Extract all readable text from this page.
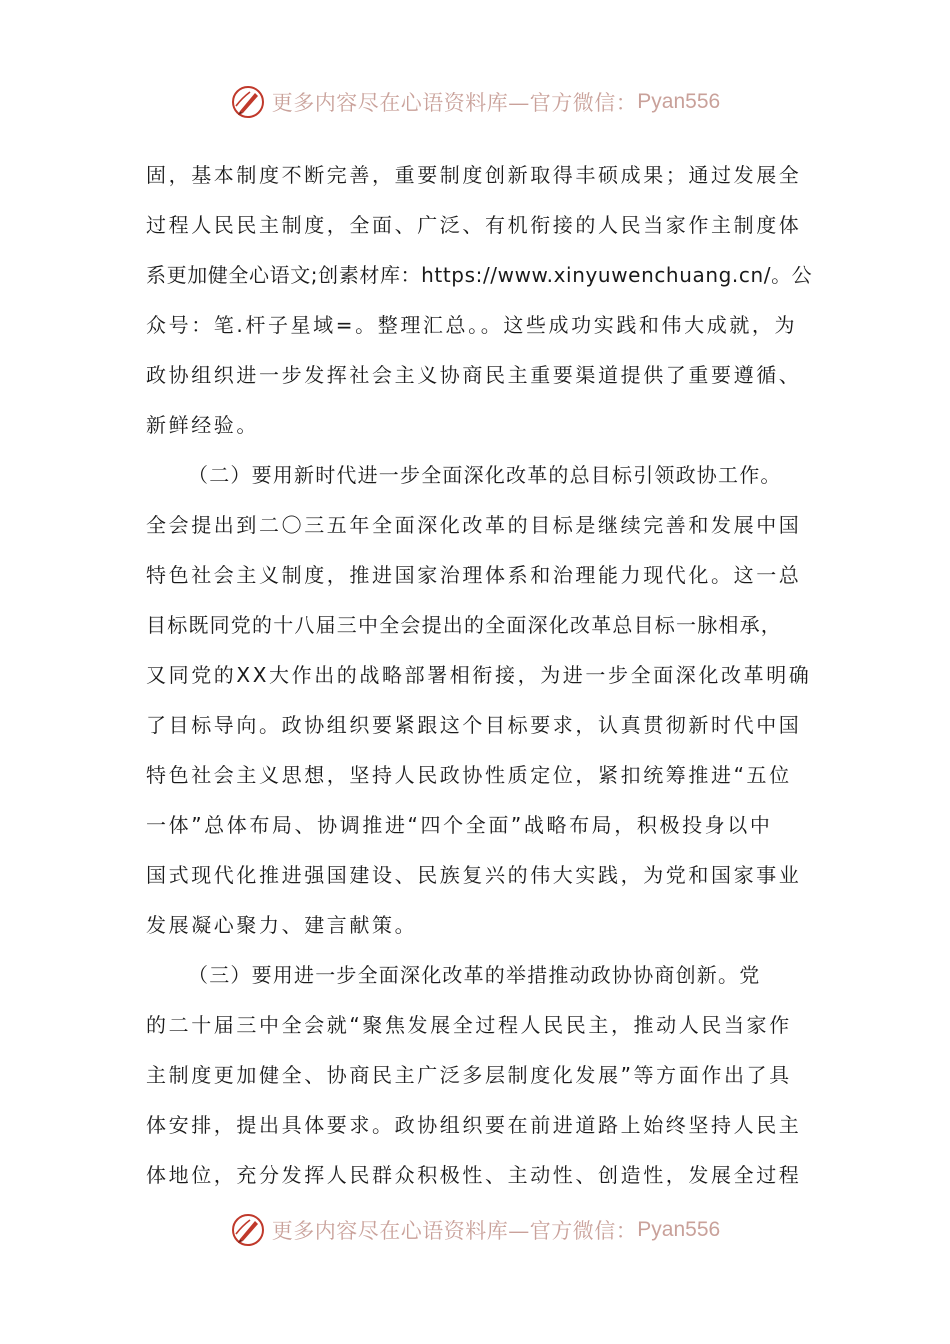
更多内容尽在心语资料库—官方微信： Pyan556
固，基本制度不断完善，重要制度创新取得丰硕成果；通过发展全
过程人民民主制度，全面、广泛、有机衔接的人民当家作主制度体
系更加健全心语文;创素材库：https://www.xinyuwenchuang.cn/。公
众号：笔.杆子星域=。整理汇总。。这些成功实践和伟大成就，为
政协组织进一步发挥社会主义协商民主重要渠道提供了重要遵循、
新鲜经验。
（二）要用新时代进一步全面深化改革的总目标引领政协工作。
全会提出到二〇三五年全面深化改革的目标是继续完善和发展中国
特色社会主义制度，推进国家治理体系和治理能力现代化。这一总
目标既同党的十八届三中全会提出的全面深化改革总目标一脉相承，
又同党的XX大作出的战略部署相衔接，为进一步全面深化改革明确
了目标导向。政协组织要紧跟这个目标要求，认真贯彻新时代中国
特色社会主义思想，坚持人民政协性质定位，紧扣统筹推进“五位
一体”总体布局、协调推进“四个全面”战略布局，积极投身以中
国式现代化推进强国建设、民族复兴的伟大实践，为党和国家事业
发展凝心聚力、建言献策。
（三）要用进一步全面深化改革的举措推动政协协商创新。党
的二十届三中全会就“聚焦发展全过程人民民主，推动人民当家作
主制度更加健全、协商民主广泛多层制度化发展”等方面作出了具
体安排，提出具体要求。政协组织要在前进道路上始终坚持人民主
体地位，充分发挥人民群众积极性、主动性、创造性，发展全过程
更多内容尽在心语资料库—官方微信： Pyan556
